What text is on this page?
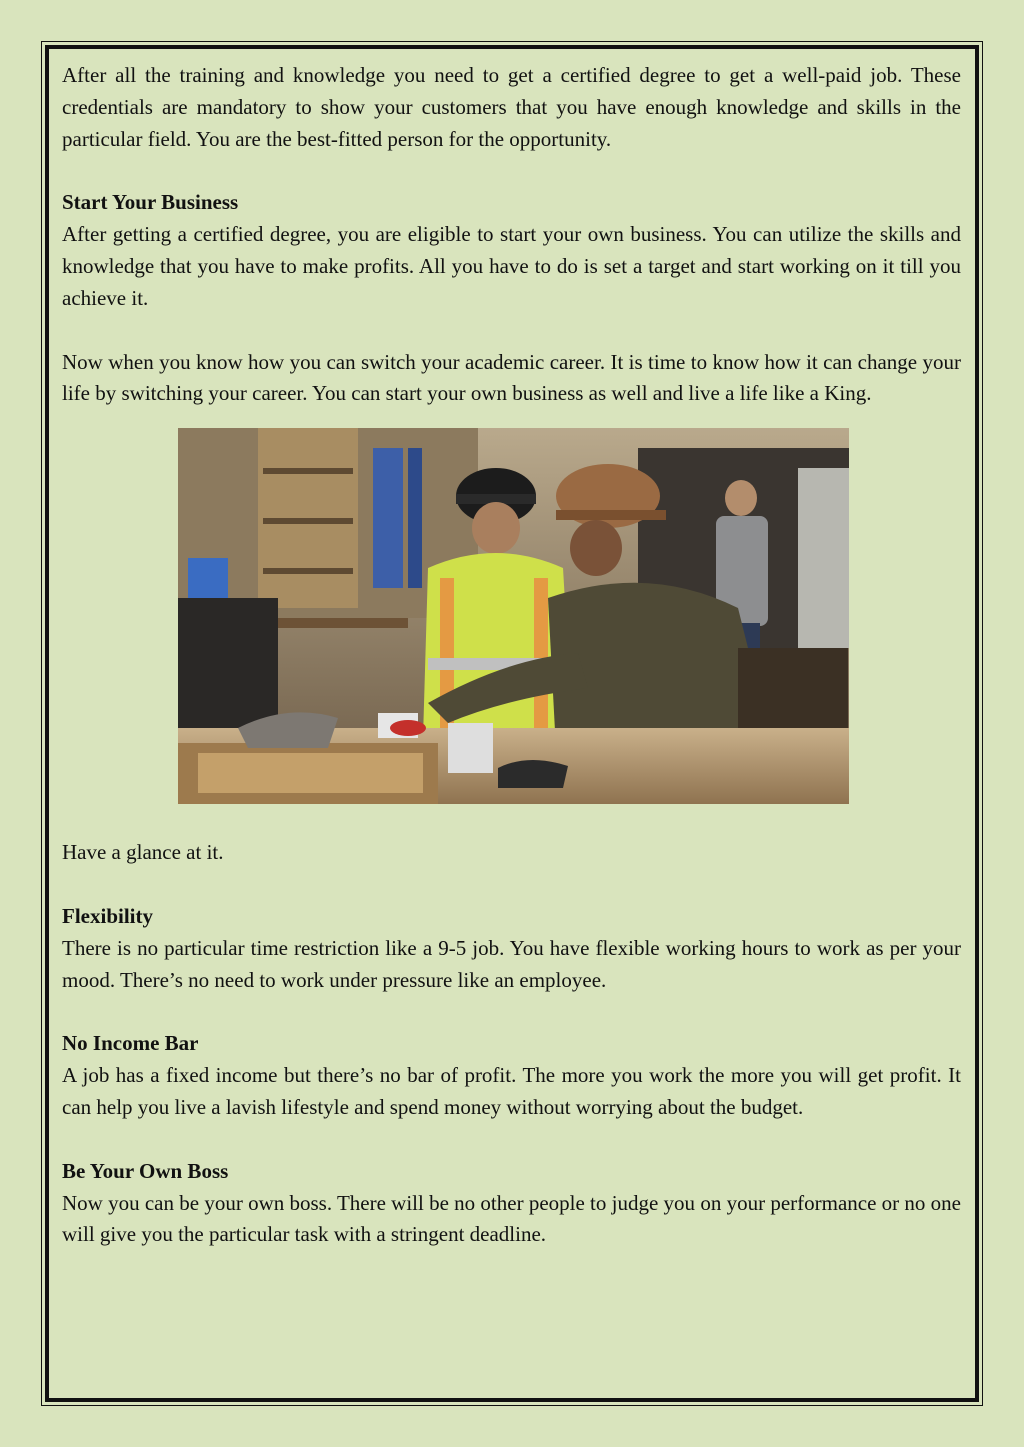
After all the training and knowledge you need to get a certified degree to get a well-paid job. These credentials are mandatory to show your customers that you have enough knowledge and skills in the particular field. You are the best-fitted person for the opportunity.

Start Your Business

After getting a certified degree, you are eligible to start your own business. You can utilize the skills and knowledge that you have to make profits. All you have to do is set a target and start working on it till you achieve it.

Now when you know how you can switch your academic career. It is time to know how it can change your life by switching your career. You can start your own business as well and live a life like a King.

Have a glance at it.

Flexibility

There is no particular time restriction like a 9-5 job. You have flexible working hours to work as per your mood. There’s no need to work under pressure like an employee.

No Income Bar

A job has a fixed income but there’s no bar of profit. The more you work the more you will get profit. It can help you live a lavish lifestyle and spend money without worrying about the budget.

Be Your Own Boss

Now you can be your own boss. There will be no other people to judge you on your performance or no one will give you the particular task with a stringent deadline.
